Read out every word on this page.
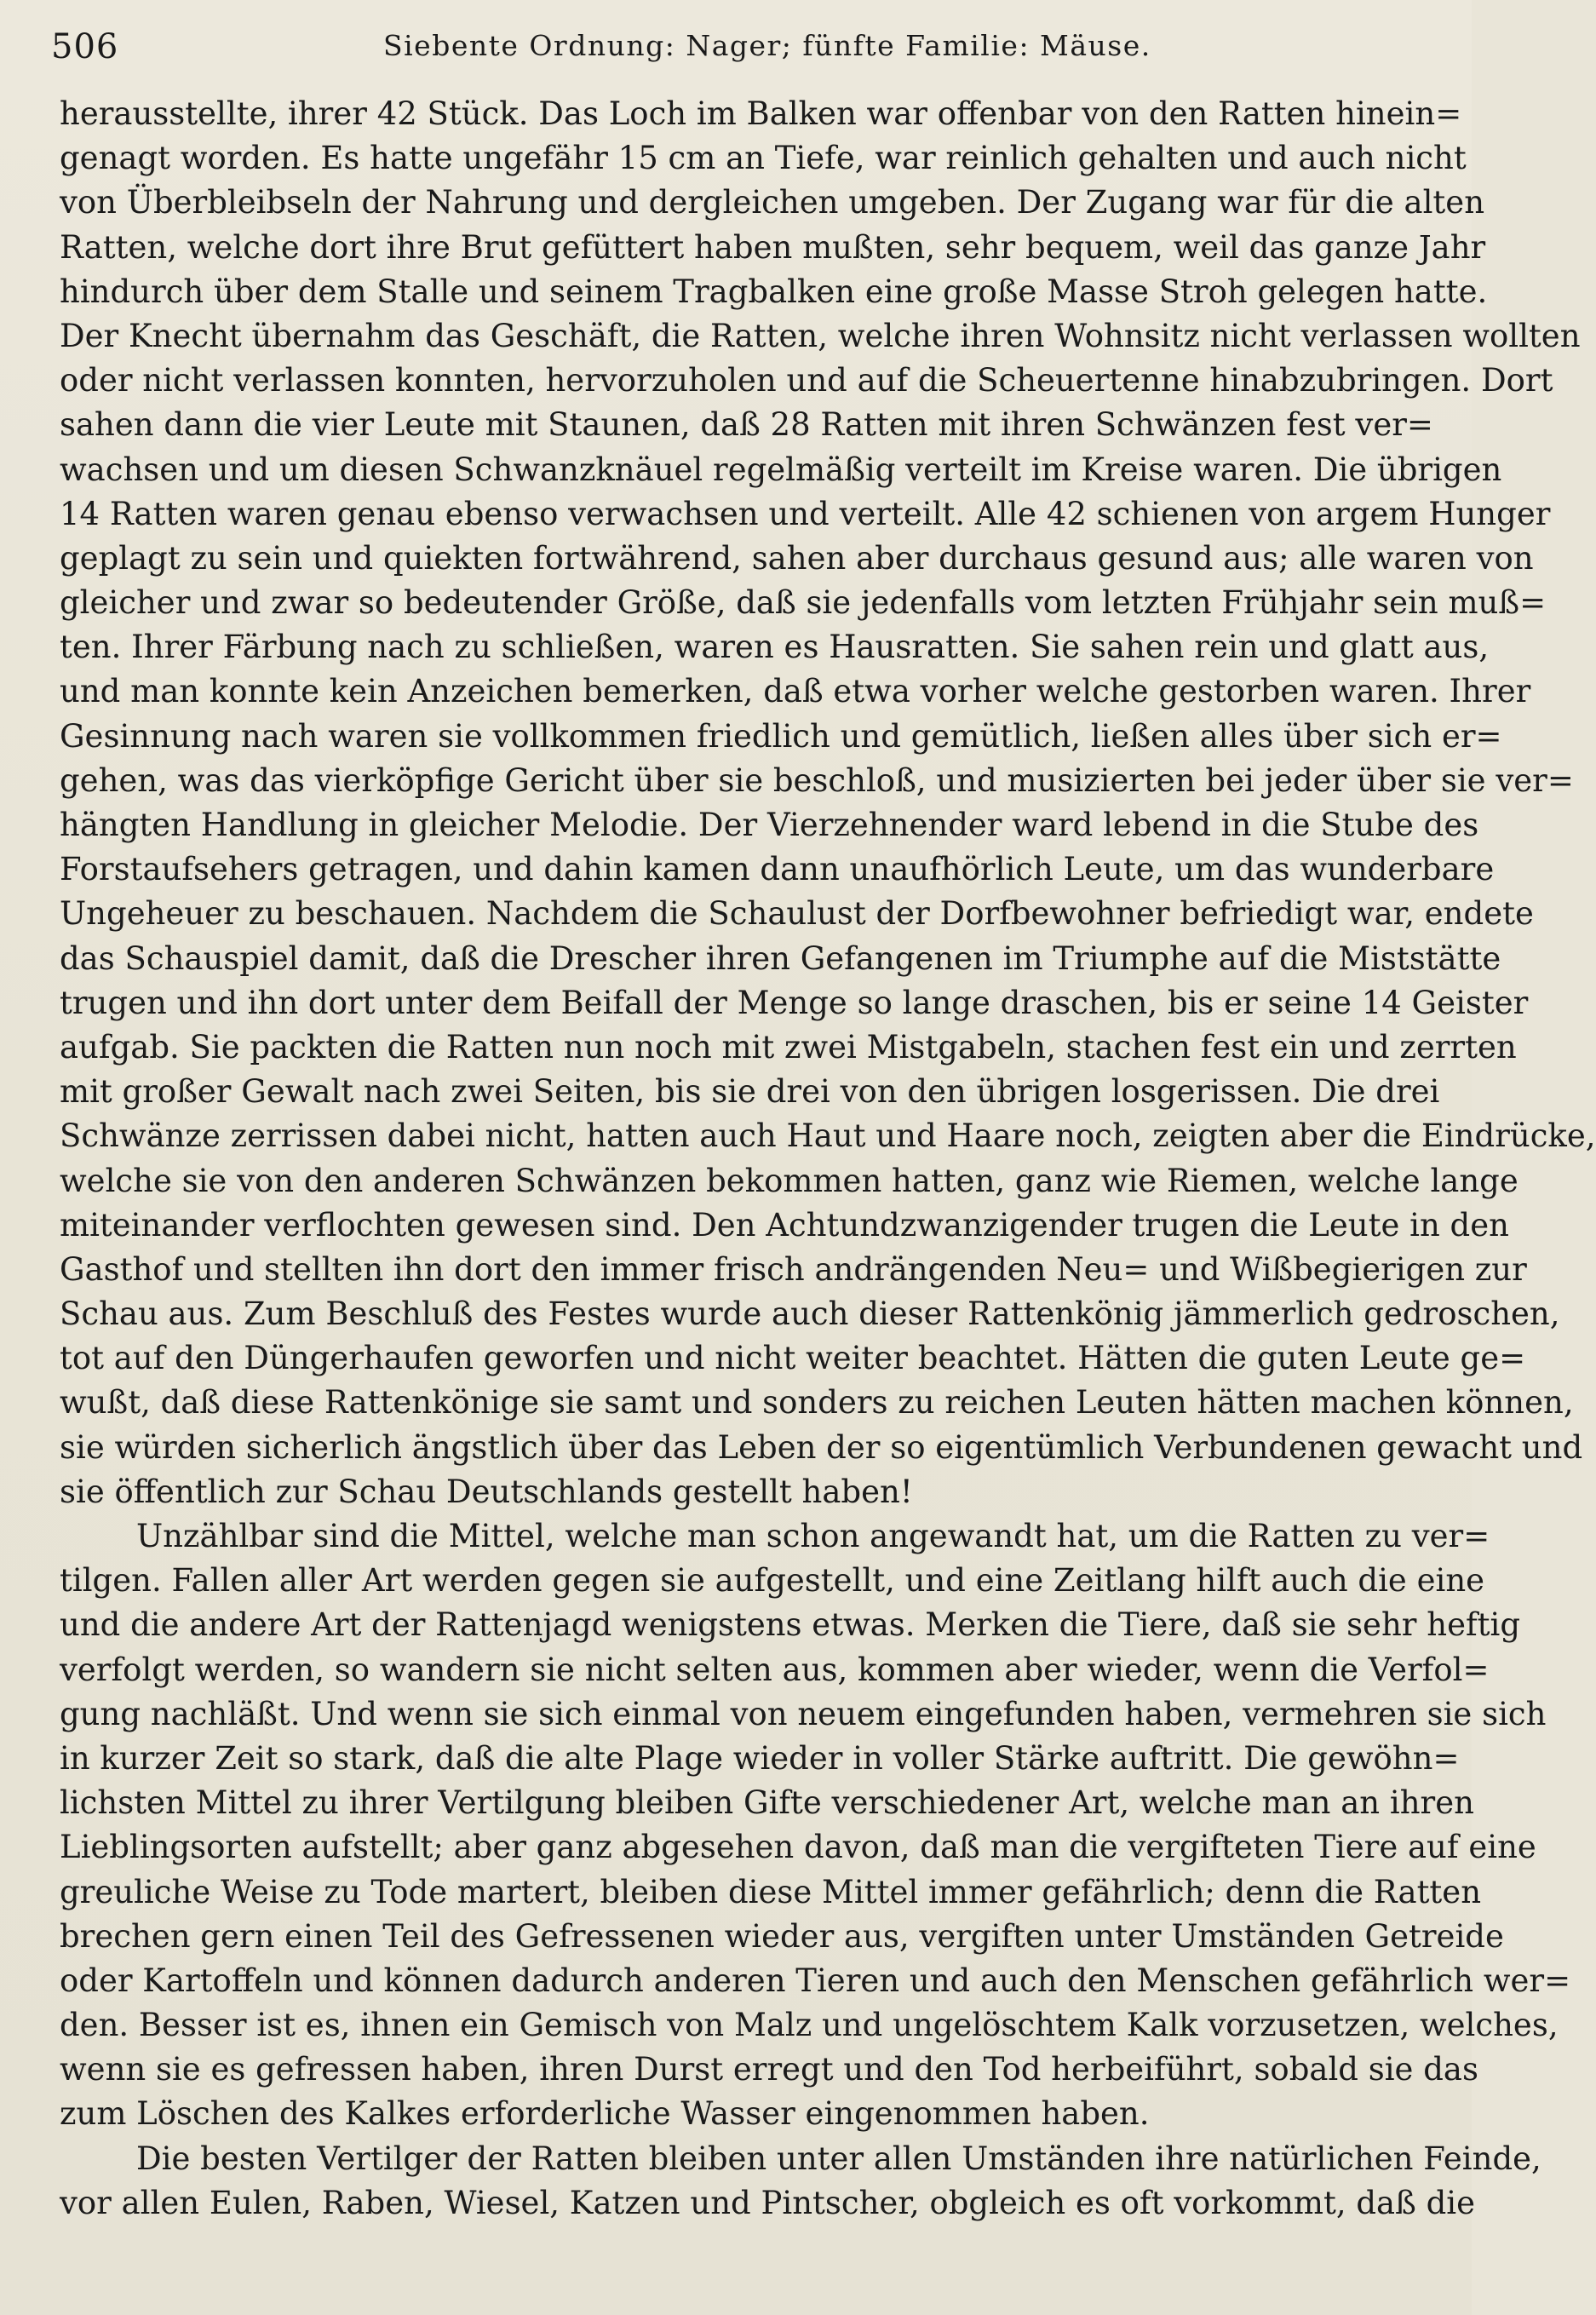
506	Siebente Ordnung: Nager; fünfte Familie: Mäuse.
herausstellte, ihrer 42 Stück. Das Loch im Balken war offenbar von den Ratten hinein=
genagt worden. Es hatte ungefähr 15 cm an Tiefe, war reinlich gehalten und auch nicht
von Überbleibseln der Nahrung und dergleichen umgeben. Der Zugang war für die alten
Ratten, welche dort ihre Brut gefüttert haben mußten, sehr bequem, weil das ganze Jahr
hindurch über dem Stalle und seinem Tragbalken eine große Masse Stroh gelegen hatte.
Der Knecht übernahm das Geschäft, die Ratten, welche ihren Wohnsitz nicht verlassen wollten
oder nicht verlassen konnten, hervorzuholen und auf die Scheuertenne hinabzubringen. Dort
sahen dann die vier Leute mit Staunen, daß 28 Ratten mit ihren Schwänzen fest ver=
wachsen und um diesen Schwanzknäuel regelmäßig verteilt im Kreise waren. Die übrigen
14 Ratten waren genau ebenso verwachsen und verteilt. Alle 42 schienen von argem Hunger
geplagt zu sein und quiekten fortwährend, sahen aber durchaus gesund aus; alle waren von
gleicher und zwar so bedeutender Größe, daß sie jedenfalls vom letzten Frühjahr sein muß=
ten. Ihrer Färbung nach zu schließen, waren es Hausratten. Sie sahen rein und glatt aus,
und man konnte kein Anzeichen bemerken, daß etwa vorher welche gestorben waren. Ihrer
Gesinnung nach waren sie vollkommen friedlich und gemütlich, ließen alles über sich er=
gehen, was das vierköpfige Gericht über sie beschloß, und musizierten bei jeder über sie ver=
hängten Handlung in gleicher Melodie. Der Vierzehnender ward lebend in die Stube des
Forstaufsehers getragen, und dahin kamen dann unaufhörlich Leute, um das wunderbare
Ungeheuer zu beschauen. Nachdem die Schaulust der Dorfbewohner befriedigt war, endete
das Schauspiel damit, daß die Drescher ihren Gefangenen im Triumphe auf die Miststätte
trugen und ihn dort unter dem Beifall der Menge so lange draschen, bis er seine 14 Geister
aufgab. Sie packten die Ratten nun noch mit zwei Mistgabeln, stachen fest ein und zerrten
mit großer Gewalt nach zwei Seiten, bis sie drei von den übrigen losgerissen. Die drei
Schwänze zerrissen dabei nicht, hatten auch Haut und Haare noch, zeigten aber die Eindrücke,
welche sie von den anderen Schwänzen bekommen hatten, ganz wie Riemen, welche lange
miteinander verflochten gewesen sind. Den Achtundzwanzigender trugen die Leute in den
Gasthof und stellten ihn dort den immer frisch andrängenden Neu= und Wißbegierigen zur
Schau aus. Zum Beschluß des Festes wurde auch dieser Rattenkönig jämmerlich gedroschen,
tot auf den Düngerhaufen geworfen und nicht weiter beachtet. Hätten die guten Leute ge=
wußt, daß diese Rattenkönige sie samt und sonders zu reichen Leuten hätten machen können,
sie würden sicherlich ängstlich über das Leben der so eigentümlich Verbundenen gewacht und
sie öffentlich zur Schau Deutschlands gestellt haben!
Unzählbar sind die Mittel, welche man schon angewandt hat, um die Ratten zu ver=
tilgen. Fallen aller Art werden gegen sie aufgestellt, und eine Zeitlang hilft auch die eine
und die andere Art der Rattenjagd wenigstens etwas. Merken die Tiere, daß sie sehr heftig
verfolgt werden, so wandern sie nicht selten aus, kommen aber wieder, wenn die Verfol=
gung nachläßt. Und wenn sie sich einmal von neuem eingefunden haben, vermehren sie sich
in kurzer Zeit so stark, daß die alte Plage wieder in voller Stärke auftritt. Die gewöhn=
lichsten Mittel zu ihrer Vertilgung bleiben Gifte verschiedener Art, welche man an ihren
Lieblingsorten aufstellt; aber ganz abgesehen davon, daß man die vergifteten Tiere auf eine
greuliche Weise zu Tode martert, bleiben diese Mittel immer gefährlich; denn die Ratten
brechen gern einen Teil des Gefressenen wieder aus, vergiften unter Umständen Getreide
oder Kartoffeln und können dadurch anderen Tieren und auch den Menschen gefährlich wer=
den. Besser ist es, ihnen ein Gemisch von Malz und ungelöschtem Kalk vorzusetzen, welches,
wenn sie es gefressen haben, ihren Durst erregt und den Tod herbeiführt, sobald sie das
zum Löschen des Kalkes erforderliche Wasser eingenommen haben.
Die besten Vertilger der Ratten bleiben unter allen Umständen ihre natürlichen Feinde,
vor allen Eulen, Raben, Wiesel, Katzen und Pintscher, obgleich es oft vorkommt, daß die
